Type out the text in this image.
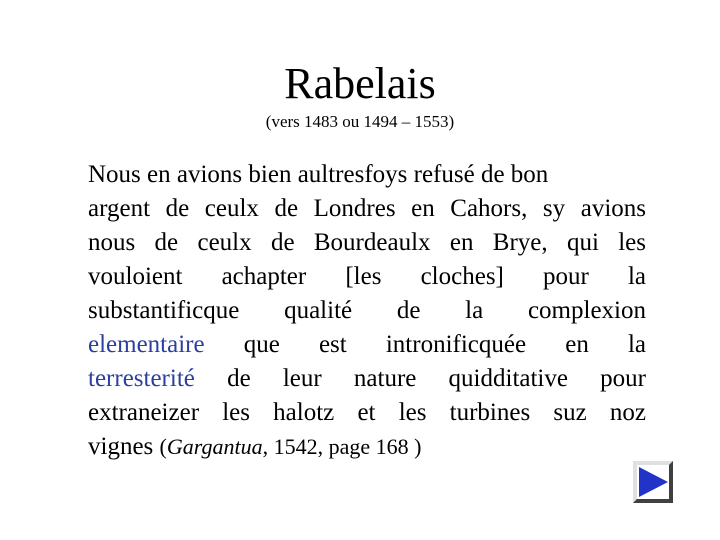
Rabelais

(vers 1483 ou 1494 – 1553)

Nous en avions bien aultresfoys refusé de bon
argent de ceulx de Londres en Cahors, sy avions
nous de ceulx de Bourdeaulx en Brye, qui les
vouloient achapter [les cloches] pour la
substantificque qualité de la complexion
elementaire que est intronificquée en la
terresterité de leur nature quidditative pour
extraneizer les halotz et les turbines suz noz
vignes (Gargantua, 1542, page 168 )
